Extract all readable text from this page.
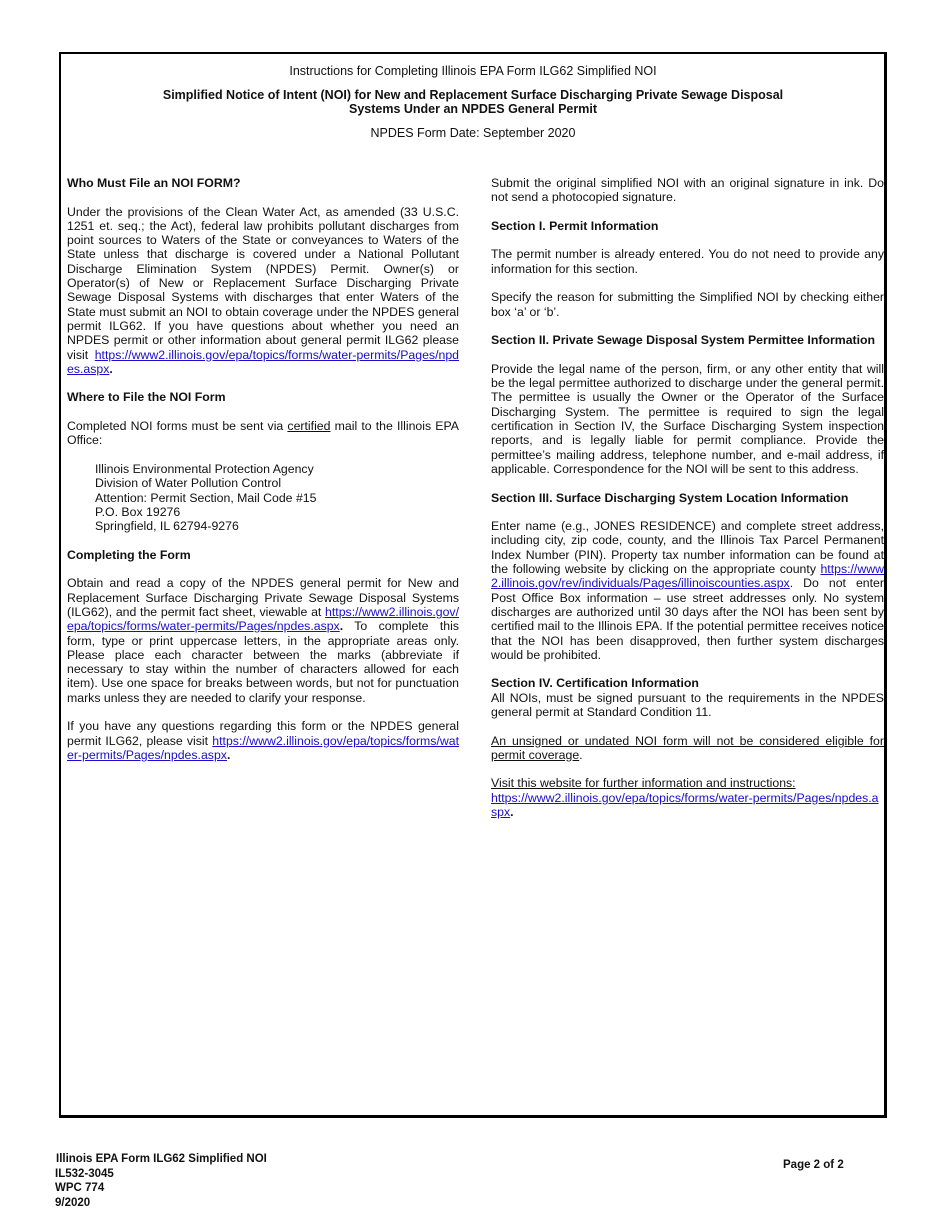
Instructions for Completing Illinois EPA Form ILG62 Simplified NOI
Simplified Notice of Intent (NOI) for New and Replacement Surface Discharging Private Sewage Disposal Systems Under an NPDES General Permit
NPDES Form Date: September 2020
Who Must File an NOI FORM?

Under the provisions of the Clean Water Act, as amended (33 U.S.C. 1251 et. seq.; the Act), federal law prohibits pollutant discharges from point sources to Waters of the State or conveyances to Waters of the State unless that discharge is covered under a National Pollutant Discharge Elimination System (NPDES) Permit. Owner(s) or Operator(s) of New or Replacement Surface Discharging Private Sewage Disposal Systems with discharges that enter Waters of the State must submit an NOI to obtain coverage under the NPDES general permit ILG62. If you have questions about whether you need an NPDES permit or other information about general permit ILG62 please visit https://www2.illinois.gov/epa/topics/forms/water-permits/Pages/npdes.aspx.

Where to File the NOI Form

Completed NOI forms must be sent via certified mail to the Illinois EPA Office:

Illinois Environmental Protection Agency
Division of Water Pollution Control
Attention: Permit Section, Mail Code #15
P.O. Box 19276
Springfield, IL 62794-9276
Completing the Form

Obtain and read a copy of the NPDES general permit for New and Replacement Surface Discharging Private Sewage Disposal Systems (ILG62), and the permit fact sheet, viewable at https://www2.illinois.gov/epa/topics/forms/water-permits/Pages/npdes.aspx. To complete this form, type or print uppercase letters, in the appropriate areas only. Please place each character between the marks (abbreviate if necessary to stay within the number of characters allowed for each item). Use one space for breaks between words, but not for punctuation marks unless they are needed to clarify your response.

If you have any questions regarding this form or the NPDES general permit ILG62, please visit https://www2.illinois.gov/epa/topics/forms/water-permits/Pages/npdes.aspx.

Submit the original simplified NOI with an original signature in ink. Do not send a photocopied signature.

Section I. Permit Information

The permit number is already entered. You do not need to provide any information for this section.

Specify the reason for submitting the Simplified NOI by checking either box ‘a’ or ‘b’.

Section II. Private Sewage Disposal System Permittee Information

Provide the legal name of the person, firm, or any other entity that will be the legal permittee authorized to discharge under the general permit. The permittee is usually the Owner or the Operator of the Surface Discharging System. The permittee is required to sign the legal certification in Section IV, the Surface Discharging System inspection reports, and is legally liable for permit compliance. Provide the permittee’s mailing address, telephone number, and e-mail address, if applicable. Correspondence for the NOI will be sent to this address.

Section III. Surface Discharging System Location Information

Enter name (e.g., JONES RESIDENCE) and complete street address, including city, zip code, county, and the Illinois Tax Parcel Permanent Index Number (PIN). Property tax number information can be found at the following website by clicking on the appropriate county https://www2.illinois.gov/rev/individuals/Pages/illinoiscounties.aspx. Do not enter Post Office Box information – use street addresses only. No system discharges are authorized until 30 days after the NOI has been sent by certified mail to the Illinois EPA. If the potential permittee receives notice that the NOI has been disapproved, then further system discharges would be prohibited.

Section IV. Certification Information

All NOIs, must be signed pursuant to the requirements in the NPDES general permit at Standard Condition 11.

An unsigned or undated NOI form will not be considered eligible for permit coverage.

Visit this website for further information and instructions:
https://www2.illinois.gov/epa/topics/forms/water-permits/Pages/npdes.aspx.

Illinois EPA Form ILG62 Simplified NOI
IL532-3045
WPC 774
9/2020
Page 2 of 2
